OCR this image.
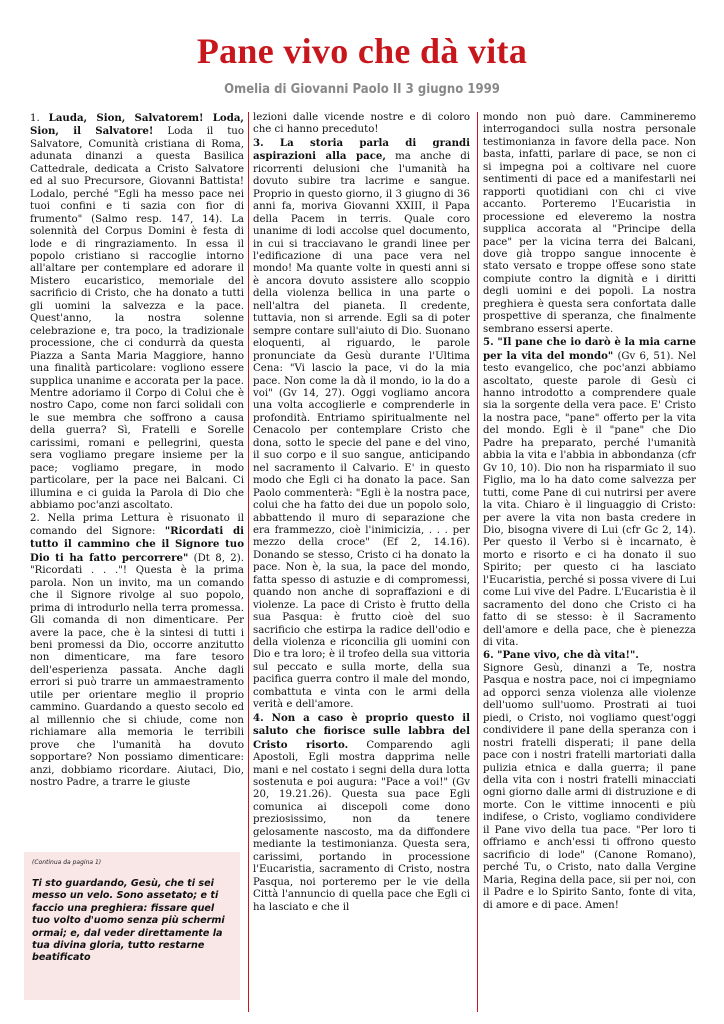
Pane vivo che dà vita
Omelia di Giovanni Paolo II 3 giugno 1999

1. Lauda, Sion, Salvatorem! Loda, Sion, il Salvatore! Loda il tuo Salvatore, Comunità cristiana di Roma, adunata dinanzi a questa Basilica Cattedrale, dedicata a Cristo Salvatore ed al suo Precursore, Giovanni Battista! Lodalo, perché "Egli ha messo pace nei tuoi confini e ti sazia con fior di frumento" (Salmo resp. 147, 14). La solennità del Corpus Domini è festa di lode e di ringraziamento. In essa il popolo cristiano si raccoglie intorno all'altare per contemplare ed adorare il Mistero eucaristico, memoriale del sacrificio di Cristo, che ha donato a tutti gli uomini la salvezza e la pace. Quest'anno, la nostra solenne celebrazione e, tra poco, la tradizionale processione, che ci condurrà da questa Piazza a Santa Maria Maggiore, hanno una finalità particolare: vogliono essere supplica unanime e accorata per la pace. Mentre adoriamo il Corpo di Colui che è nostro Capo, come non farci solidali con le sue membra che soffrono a causa della guerra? Sì, Fratelli e Sorelle carissimi, romani e pellegrini, questa sera vogliamo pregare insieme per la pace; vogliamo pregare, in modo particolare, per la pace nei Balcani. Ci illumina e ci guida la Parola di Dio che abbiamo poc'anzi ascoltato.
2. Nella prima Lettura è risuonato il comando del Signore: "Ricordati di tutto il cammino che il Signore tuo Dio ti ha fatto percorrere" (Dt 8, 2). "Ricordati . . ."! Questa è la prima parola. Non un invito, ma un comando che il Signore rivolge al suo popolo, prima di introdurlo nella terra promessa. Gli comanda di non dimenticare. Per avere la pace, che è la sintesi di tutti i beni promessi da Dio, occorre anzitutto non dimenticare, ma fare tesoro dell'esperienza passata. Anche dagli errori si può trarre un ammaestramento utile per orientare meglio il proprio cammino. Guardando a questo secolo ed al millennio che si chiude, come non richiamare alla memoria le terribili prove che l'umanità ha dovuto sopportare? Non possiamo dimenticare: anzi, dobbiamo ricordare. Aiutaci, Dio, nostro Padre, a trarre le giuste

lezioni dalle vicende nostre e di coloro che ci hanno preceduto!
3. La storia parla di grandi aspirazioni alla pace, ma anche di ricorrenti delusioni che l'umanità ha dovuto subire tra lacrime e sangue. Proprio in questo giorno, il 3 giugno di 36 anni fa, moriva Giovanni XXIII, il Papa della Pacem in terris. Quale coro unanime di lodi accolse quel documento, in cui si tracciavano le grandi linee per l'edificazione di una pace vera nel mondo! Ma quante volte in questi anni si è ancora dovuto assistere allo scoppio della violenza bellica in una parte o nell'altra del pianeta. Il credente, tuttavia, non si arrende. Egli sa di poter sempre contare sull'aiuto di Dio. Suonano eloquenti, al riguardo, le parole pronunciate da Gesù durante l'Ultima Cena: "Vi lascio la pace, vi do la mia pace. Non come la dà il mondo, io la do a voi" (Gv 14, 27). Oggi vogliamo ancora una volta accoglierle e comprenderle in profondità. Entriamo spiritualmente nel Cenacolo per contemplare Cristo che dona, sotto le specie del pane e del vino, il suo corpo e il suo sangue, anticipando nel sacramento il Calvario. E' in questo modo che Egli ci ha donato la pace. San Paolo commenterà: "Egli è la nostra pace, colui che ha fatto dei due un popolo solo, abbattendo il muro di separazione che era frammezzo, cioè l'inimicizia, . . . per mezzo della croce" (Ef 2, 14.16). Donando se stesso, Cristo ci ha donato la pace. Non è, la sua, la pace del mondo, fatta spesso di astuzie e di compromessi, quando non anche di sopraffazioni e di violenze. La pace di Cristo è frutto della sua Pasqua: è frutto cioè del suo sacrificio che estirpa la radice dell'odio e della violenza e riconcilia gli uomini con Dio e tra loro; è il trofeo della sua vittoria sul peccato e sulla morte, della sua pacifica guerra contro il male del mondo, combattuta e vinta con le armi della verità e dell'amore.
4. Non a caso è proprio questo il saluto che fiorisce sulle labbra del Cristo risorto. Comparendo agli Apostoli, Egli mostra dapprima nelle mani e nel costato i segni della dura lotta sostenuta e poi augura: "Pace a voi!" (Gv 20, 19.21.26). Questa sua pace Egli comunica ai discepoli come dono preziosissimo, non da tenere gelosamente nascosto, ma da diffondere mediante la testimonianza. Questa sera, carissimi, portando in processione l'Eucaristia, sacramento di Cristo, nostra Pasqua, noi porteremo per le vie della Città l'annuncio di quella pace che Egli ci ha lasciato e che il

mondo non può dare. Cammineremo interrogandoci sulla nostra personale testimonianza in favore della pace. Non basta, infatti, parlare di pace, se non ci si impegna poi a coltivare nel cuore sentimenti di pace ed a manifestarli nei rapporti quotidiani con chi ci vive accanto. Porteremo l'Eucaristia in processione ed eleveremo la nostra supplica accorata al "Principe della pace" per la vicina terra dei Balcani, dove già troppo sangue innocente è stato versato e troppe offese sono state compiute contro la dignità e i diritti degli uomini e dei popoli. La nostra preghiera è questa sera confortata dalle prospettive di speranza, che finalmente sembrano essersi aperte.
5. "Il pane che io darò è la mia carne per la vita del mondo" (Gv 6, 51). Nel testo evangelico, che poc'anzi abbiamo ascoltato, queste parole di Gesù ci hanno introdotto a comprendere quale sia la sorgente della vera pace. E' Cristo la nostra pace, "pane" offerto per la vita del mondo. Egli è il "pane" che Dio Padre ha preparato, perché l'umanità abbia la vita e l'abbia in abbondanza (cfr Gv 10, 10). Dio non ha risparmiato il suo Figlio, ma lo ha dato come salvezza per tutti, come Pane di cui nutrirsi per avere la vita. Chiaro è il linguaggio di Cristo: per avere la vita non basta credere in Dio, bisogna vivere di Lui (cfr Gc 2, 14). Per questo il Verbo si è incarnato, è morto e risorto e ci ha donato il suo Spirito; per questo ci ha lasciato l'Eucaristia, perché si possa vivere di Lui come Lui vive del Padre. L'Eucaristia è il sacramento del dono che Cristo ci ha fatto di se stesso: è il Sacramento dell'amore e della pace, che è pienezza di vita.
6. "Pane vivo, che dà vita!".
Signore Gesù, dinanzi a Te, nostra Pasqua e nostra pace, noi ci impegniamo ad opporci senza violenza alle violenze dell'uomo sull'uomo. Prostrati ai tuoi piedi, o Cristo, noi vogliamo quest'oggi condividere il pane della speranza con i nostri fratelli disperati; il pane della pace con i nostri fratelli martoriati dalla pulizia etnica e dalla guerra; il pane della vita con i nostri fratelli minacciati ogni giorno dalle armi di distruzione e di morte. Con le vittime innocenti e più indifese, o Cristo, vogliamo condividere il Pane vivo della tua pace. "Per loro ti offriamo e anch'essi ti offrono questo sacrificio di lode" (Canone Romano), perché Tu, o Cristo, nato dalla Vergine Maria, Regina della pace, sii per noi, con il Padre e lo Spirito Santo, fonte di vita, di amore e di pace. Amen!

(Continua da pagina 1)

Ti sto guardando, Gesù, che ti sei messo un velo. Sono assetato; e ti faccio una preghiera: fissare quel tuo volto d'uomo senza più schermi ormai; e, dal veder direttamente la tua divina gloria, tutto restarne beatificato
